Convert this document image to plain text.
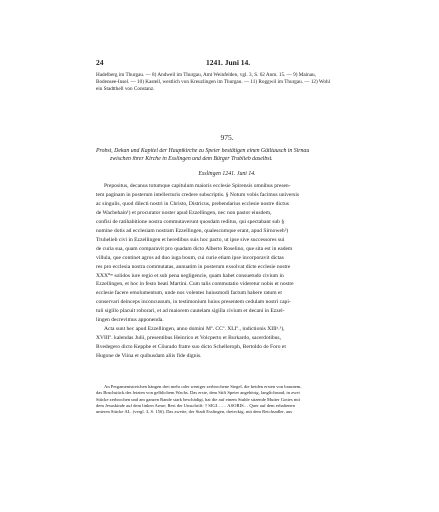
24	1241. Juni 14.
Hadelberg im Thurgau. — 8) Andweil im Thurgau, Amt Weinfelden, vgl. 3, S. 62 Anm. 15. — 9) Mainau,
Bodensee-Insel. — 10) Kastell, westlich von Kreuzlingen im Thurgau. — 11) Roggwil im Thurgau. — 12) Wohl
ein Stadtthell von Constanz.
975.
Probst, Dekan und Kapitel der Hauptkirche zu Speier bestätigen einen Gütltausch in Sirnau
zwischen ihrer Kirche in Esslingen und dem Bürger Trublieb daselbst.
Esslingen 1241. Juni 14.
Prepositus, decanus totumque capitulum maioris ecclesie Spirensis omnibus presen-
tem paginam in posterum intellecturis credere subscriptis. § Notum vobis facimus universis
ac singulis, quod dilecti nostri in Christo, Districus, prebendarius ecclesie nostre dictus
de Wachehain¹) et procurator noster apud Ezzellingen, nec non pastor eiusdem,
confisi de ratihabitione nostra commutaverunt quosdam reditus, qui spectabant sub §
nomine dotis ad ecclesiam nostram Ezzellingen, qualescumque erant, apud Sirnoweh²)
Truhelieb civi in Ezzellingen et heredibus suis hoc pacto, ut ipse sive successores sui
de curia sua, quam comparavit pro quadam dicto Alberto Roselino, que sita est in eadem
villula, que continet agros ad duo iuga boum, cui curie etiam ipse incorporavit dictas
res pro ecclesia nostra commutatas, annuatim in posterum exsolvat dicte ecclesie nostre
XXX⁰ᵐ solidos iure regio et sub pena negligencie, quam habet consuetudo civium in
Ezzellingen, et hoc in festo beati Martini. Cum talis commutatio videretur nobis et nostre
ecclesie facere emolumentum, unde nos volentes huiusmodi factum habere ratum et
conservari deinceps inconcussum, in testimonium huius presentem cedulam nostri capi-
tuli sigillo placuit roborari, et ad maiorem cautelam sigilla civium et decani in Ezzel-
lingen decrevimus apponenda.
Acta sunt hec apud Ezzellingen, anno domini Mº. CCº. XLIº., indictionis XIIIᵃ.³),
XVIIIº. kalendas Julii, presentibus Heinrico et Volcperto et Burkardo, sacerdotibus,
Rvedegero dicto Keppbe et Cŏurado fratre suo dicto Schelleroph, Bertoldo de Foro et
Hugone de Viina et quibusdam aliis fide dignis.
An Pergamentstreichen hängen drei mehr oder weniger zerbrochene Siegel, die beiden ersten von braunem,
das Bruchstück des letzten von gelblichem Wachs. Das erste, dem Stift Speier angehörig, langlichrund, in zwei
Stücke zerbrochen und am ganzen Rande stark beschädigt, hat die auf einem Stuhle sitzende Mutter Gottes mit
dem Jesuskinde auf dem linken Arme; Rest der Umschrift: † SIGI…… ASORIS… Quer auf dem erhaltenen
unteren Stücke AL. (vergl. 3, S. 156). Das zweite, der Stadt Esslingen, dreieckig, mit dem Reichsadler, aus
